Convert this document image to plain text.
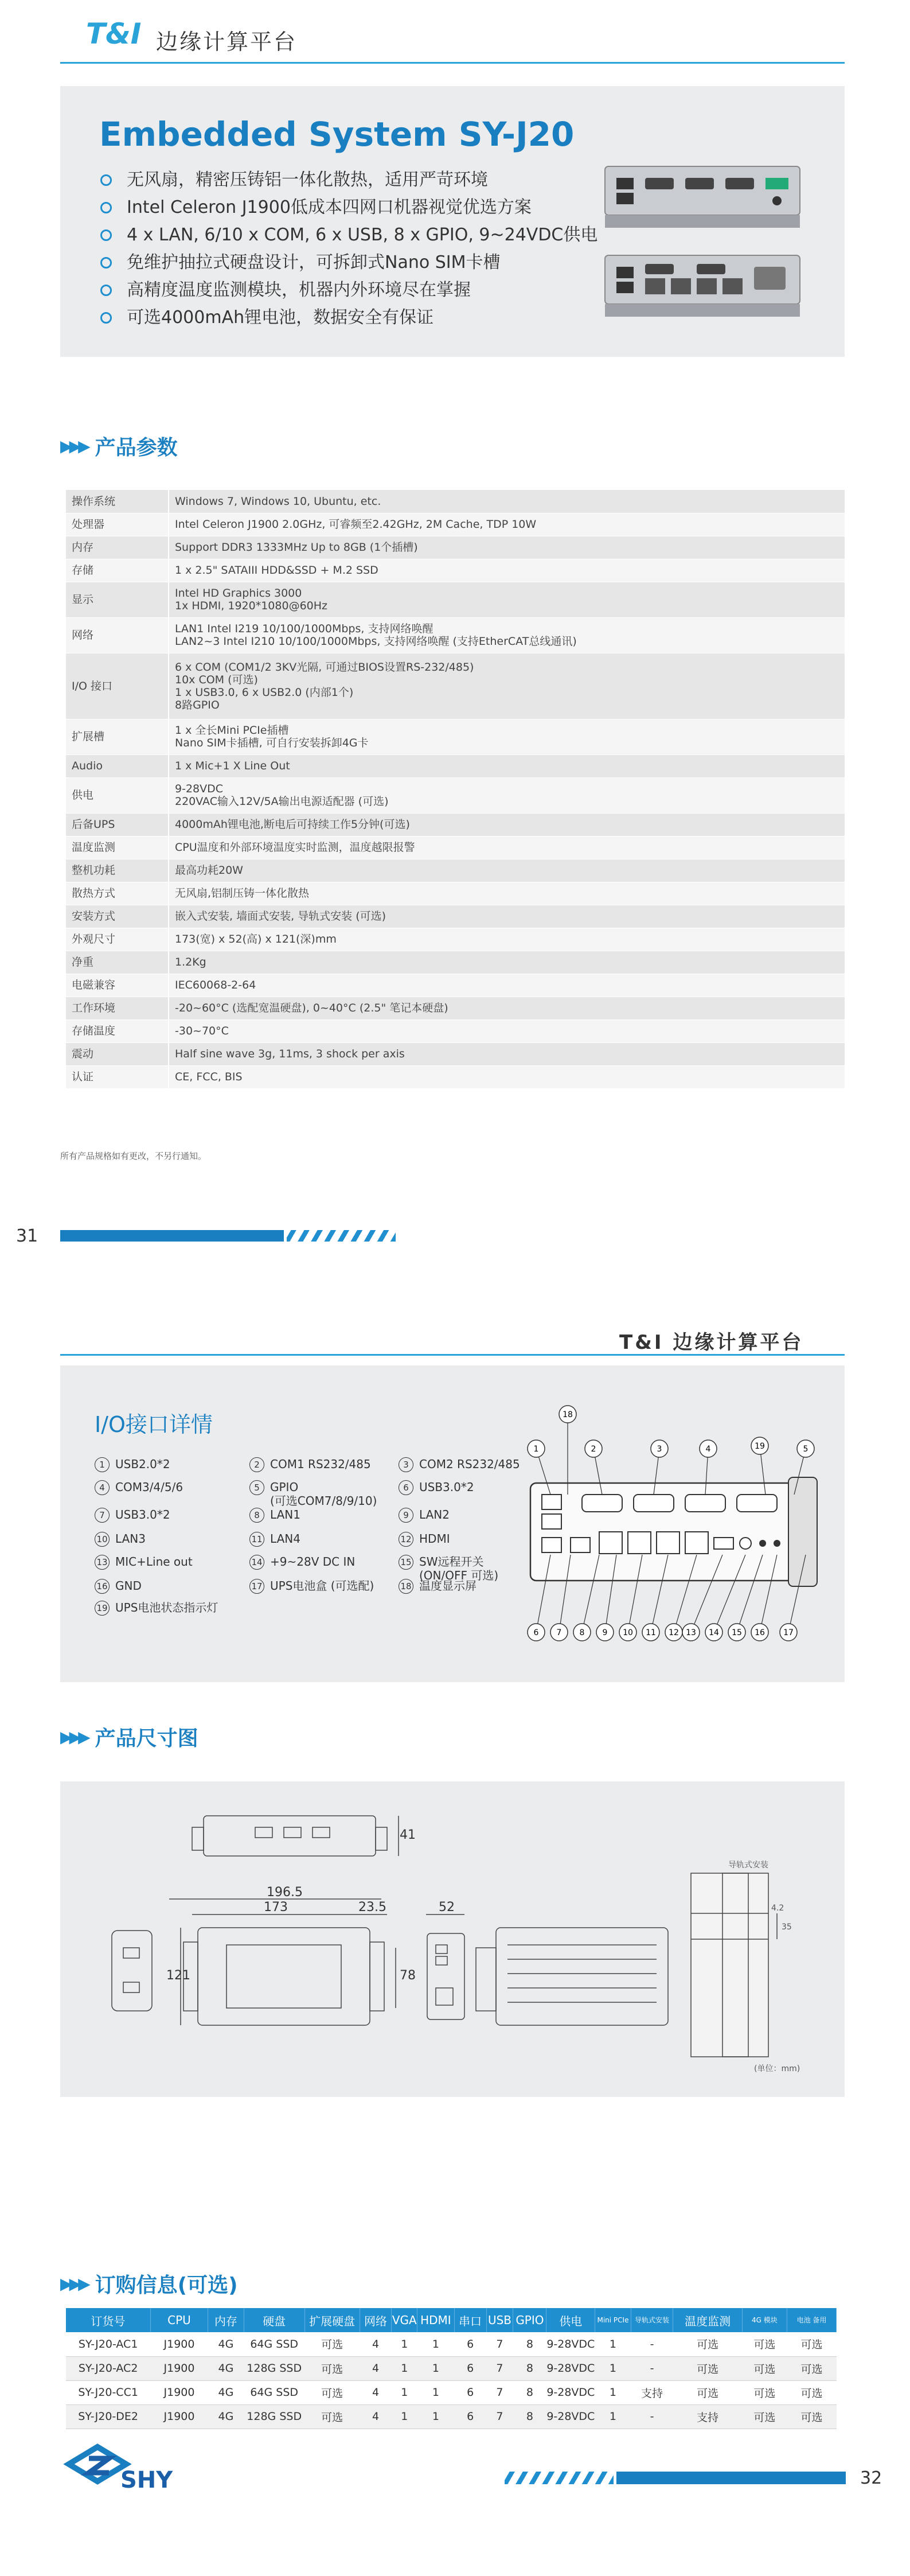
T&I 边缘计算平台
Embedded System SY-J20
无风扇，精密压铸铝一体化散热，适用严苛环境
Intel Celeron J1900低成本四网口机器视觉优选方案
4 x LAN, 6/10 x COM, 6 x USB, 8 x GPIO, 9~24VDC供电
免维护抽拉式硬盘设计，可拆卸式Nano SIM卡槽
高精度温度监测模块，机器内外环境尽在掌握
可选4000mAh锂电池，数据安全有保证
▶▶▶ 产品参数
操作系统		Windows 7, Windows 10, Ubuntu, etc.
处理器		Intel Celeron J1900 2.0GHz, 可睿频至2.42GHz, 2M Cache, TDP 10W
内存		Support DDR3 1333MHz Up to 8GB (1个插槽)
存储		1 x 2.5" SATAIII HDD&SSD + M.2 SSD
显示		Intel HD Graphics 3000
1x HDMI, 1920*1080@60Hz
网络		LAN1 Intel I219 10/100/1000Mbps, 支持网络唤醒
LAN2~3 Intel I210 10/100/1000Mbps, 支持网络唤醒 (支持EtherCAT总线通讯)
I/O 接口		6 x COM (COM1/2 3KV光隔, 可通过BIOS设置RS-232/485)
10x COM (可选)
1 x USB3.0, 6 x USB2.0 (内部1个)
8路GPIO
扩展槽		1 x 全长Mini PCIe插槽
Nano SIM卡插槽, 可自行安装拆卸4G卡
Audio		1 x Mic+1 X Line Out
供电		9-28VDC
220VAC输入12V/5A输出电源适配器 (可选)
后备UPS		4000mAh锂电池,断电后可持续工作5分钟(可选)
温度监测		CPU温度和外部环境温度实时监测，温度越限报警
整机功耗		最高功耗20W
散热方式		无风扇,铝制压铸一体化散热
安装方式		嵌入式安装, 墙面式安装, 导轨式安装 (可选)
外观尺寸		173(宽) x 52(高) x 121(深)mm
净重		1.2Kg
电磁兼容		IEC60068-2-64
工作环境		-20~60°C (选配宽温硬盘), 0~40°C (2.5" 笔记本硬盘)
存储温度		-30~70°C
震动		Half sine wave 3g, 11ms, 3 shock per axis
认证		CE, FCC, BIS
所有产品规格如有更改，不另行通知。
31
T&I 边缘计算平台
I/O接口详情
1 USB2.0*2	2 COM1 RS232/485	3 COM2 RS232/485
4 COM3/4/5/6	5 GPIO
(可选COM7/8/9/10)
6 USB3.0*2
7 USB3.0*2	8 LAN1	9 LAN2
10 LAN3	11 LAN4	12 HDMI
13 MIC+Line out	14 +9~28V DC IN	15 SW远程开关
(ON/OFF 可选)
16 GND	17 UPS电池盒 (可选配)	18 温度显示屏
19 UPS电池状态指示灯
1
18
2	3	4	19	5
6 7 8 9 10 11 12 13 14 15 16 17
▶▶▶ 产品尺寸图
41
196.5
173	23.5	52
121	78
导轨式安装
4.2
35
(单位：mm)
▶▶▶ 订购信息(可选)
订货号	CPU	内存	硬盘	扩展硬盘	网络	VGA	HDMI	串口	USB	GPIO	供电	Mini PCIe	导轨式安装	温度监测	4G 模块	电池 备用
SY-J20-AC1	J1900	4G	64G SSD	可选	4	1	1	6	7	8	9-28VDC	1	-	可选	可选	可选
SY-J20-AC2	J1900	4G	128G SSD	可选	4	1	1	6	7	8	9-28VDC	1	-	可选	可选	可选
SY-J20-CC1	J1900	4G	64G SSD	可选	4	1	1	6	7	8	9-28VDC	1	支持	可选	可选	可选
SY-J20-DE2	J1900	4G	128G SSD	可选	4	1	1	6	7	8	9-28VDC	1	-	支持	可选	可选
SHY	32
